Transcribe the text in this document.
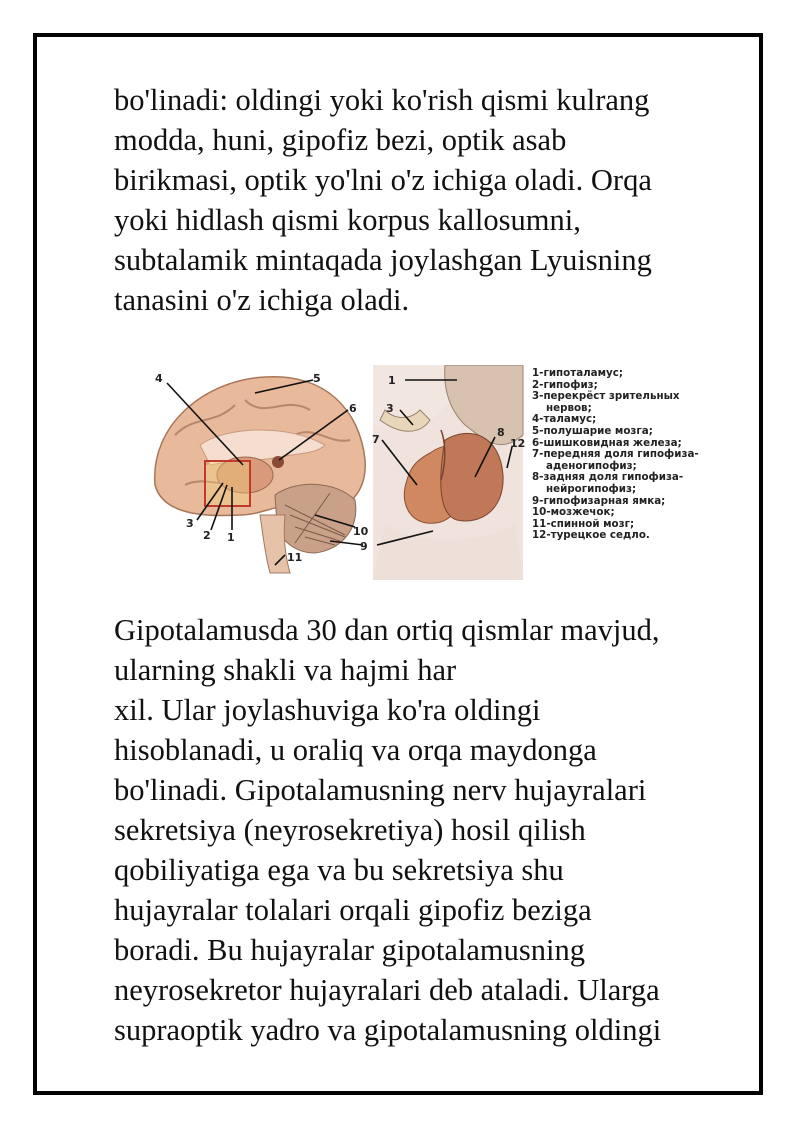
bo'linadi: oldingi yoki ko'rish qismi kulrang
modda, huni, gipofiz bezi, optik asab
birikmasi, optik yo'lni o'z ichiga oladi. Orqa
yoki hidlash qismi korpus kallosumni,
subtalamik mintaqada joylashgan Lyuisning
tanasini o'z ichiga oladi.
4	5
6
3
2 1	10
9
11
1
3
7
8
12
1-гипоталамус;
2-гипофиз;
3-перекрёст зрительных
нервов;
4-таламус;
5-полушарие мозга;
6-шишковидная железа;
7-передняя доля гипофиза-
аденогипофиз;
8-задняя доля гипофиза-
нейрогипофиз;
9-гипофизарная ямка;
10-мозжечок;
11-спинной мозг;
12-турецкое седло.
Gipotalamusda 30 dan ortiq qismlar mavjud,
ularning shakli va hajmi har
xil. Ular joylashuviga ko'ra oldingi
hisoblanadi, u oraliq va orqa maydonga
bo'linadi. Gipotalamusning nerv hujayralari
sekretsiya (neyrosekretiya) hosil qilish
qobiliyatiga ega va bu sekretsiya shu
hujayralar tolalari orqali gipofiz beziga
boradi. Bu hujayralar gipotalamusning
neyrosekretor hujayralari deb ataladi. Ularga
supraoptik yadro va gipotalamusning oldingi
